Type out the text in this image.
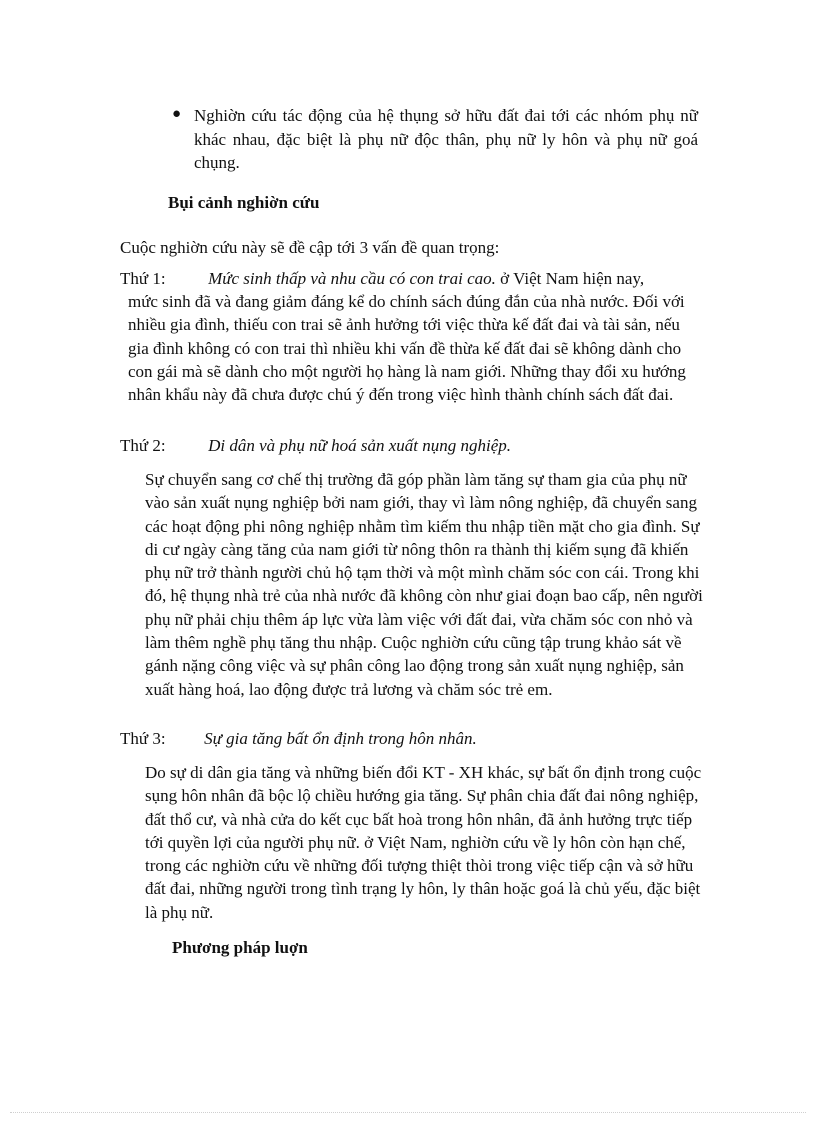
● Nghiờn cứu tác động của hệ thụng sở hữu đất đai tới các nhóm phụ nữ khác nhau, đặc biệt là phụ nữ độc thân, phụ nữ ly hôn và phụ nữ goá chụng.
Bụi cảnh nghiờn cứu
Cuộc nghiờn cứu này sẽ đề cập tới 3 vấn đề quan trọng:
Thứ 1:	Mức sinh thấp và nhu cầu có con trai cao. ở Việt Nam hiện nay,
mức sinh đã và đang giảm đáng kể do chính sách đúng đắn của nhà nước. Đối với nhiều gia đình, thiếu con trai sẽ ảnh hưởng tới việc thừa kế đất đai và tài sản, nếu gia đình không có con trai thì nhiều khi vấn đề thừa kế đất đai sẽ không dành cho con gái mà sẽ dành cho một người họ hàng là nam giới. Những thay đổi xu hướng nhân khẩu này đã chưa được chú ý đến trong việc hình thành chính sách đất đai.
Thứ 2:	Di dân và phụ nữ hoá sản xuất nụng nghiệp.
Sự chuyển sang cơ chế thị trường đã góp phần làm tăng sự tham gia của phụ nữ vào sản xuất nụng nghiệp bởi nam giới, thay vì làm nông nghiệp, đã chuyển sang các hoạt động phi nông nghiệp nhằm tìm kiếm thu nhập tiền mặt cho gia đình. Sự di cư ngày càng tăng của nam giới từ nông thôn ra thành thị kiếm sụng đã khiến phụ nữ trở thành người chủ hộ tạm thời và một mình chăm sóc con cái. Trong khi đó, hệ thụng nhà trẻ của nhà nước đã không còn như giai đoạn bao cấp, nên người phụ nữ phải chịu thêm áp lực vừa làm việc với đất đai, vừa chăm sóc con nhỏ và làm thêm nghề phụ tăng thu nhập. Cuộc nghiờn cứu cũng tập trung khảo sát về gánh nặng công việc và sự phân công lao động trong sản xuất nụng nghiệp, sản xuất hàng hoá, lao động được trả lương và chăm sóc trẻ em.
Thứ 3: Sự gia tăng bất ổn định trong hôn nhân.
Do sự di dân gia tăng và những biến đổi KT - XH khác, sự bất ổn định trong cuộc sụng hôn nhân đã bộc lộ chiều hướng gia tăng. Sự phân chia đất đai nông nghiệp, đất thổ cư, và nhà cửa do kết cục bất hoà trong hôn nhân, đã ảnh hưởng trực tiếp tới quyền lợi của người phụ nữ. ở Việt Nam, nghiờn cứu về ly hôn còn hạn chế, trong các nghiờn cứu về những đối tượng thiệt thòi trong việc tiếp cận và sở hữu đất đai, những người trong tình trạng ly hôn, ly thân hoặc goá là chủ yếu, đặc biệt là phụ nữ.
Phương pháp luợn
